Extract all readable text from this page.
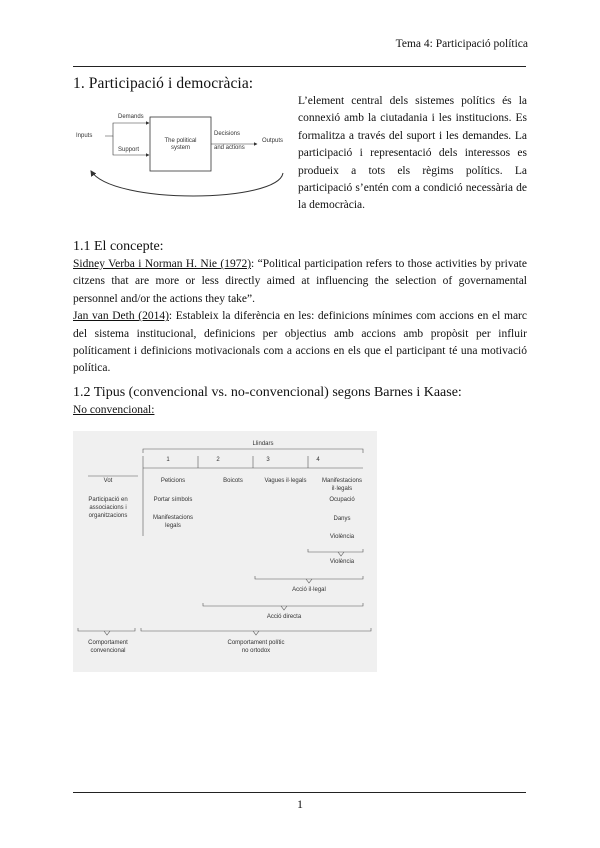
Tema 4: Participació política
1. Participació i democràcia:
Inputs
Demands
Support
The political
system
Decisions
and actions
Outputs
L’element central dels sistemes polítics és la connexió amb la ciutadania i les institucions. Es formalitza a través del suport i les demandes. La participació i representació dels interessos es produeix a tots els règims polítics. La participació s’entén com a condició necessària de la democràcia.
1.1 El concepte:
Sidney Verba i Norman H. Nie (1972): “Political participation refers to those activities by private citzens that are more or less directly aimed at influencing the selection of governamental personnel and/or the actions they take”.
Jan van Deth (2014): Estableix la diferència en les: definicions mínimes com accions en el marc del sistema institucional, definicions per objectius amb accions amb propòsit per influir políticament i definicions motivacionals com a accions en els que el participant té una motivació política.
1.2 Tipus (convencional vs. no-convencional) segons Barnes i Kaase:
No convencional:
Llindars
1	2	3	4
Vot
Participació en
associacions i
organitzacions
Peticions
Portar símbols
Manifestacions
legals
Boicots	Vagues il·legals	Manifestacions
il·legals
Ocupació
Danys
Violència
Violència
Acció il·legal
Acció directa
Comportament
convencional
Comportament polític
no ortodox
1
